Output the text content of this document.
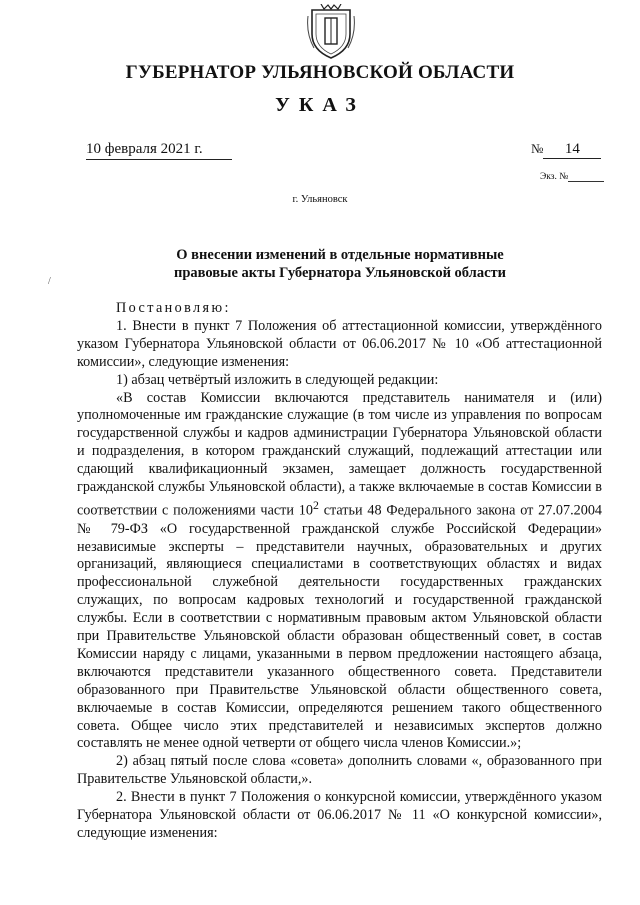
ГУБЕРНАТОР УЛЬЯНОВСКОЙ ОБЛАСТИ
УКАЗ
10 февраля 2021 г.	№ 14
Экз. №
г. Ульяновск
/
О внесении изменений в отдельные нормативные
правовые акты Губернатора Ульяновской области

Постановляю:

1. Внести в пункт 7 Положения об аттестационной комиссии, утверждённого указом Губернатора Ульяновской области от 06.06.2017 № 10 «Об аттестационной комиссии», следующие изменения:

1) абзац четвёртый изложить в следующей редакции:

«В состав Комиссии включаются представитель нанимателя и (или) уполномоченные им гражданские служащие (в том числе из управления по вопросам государственной службы и кадров администрации Губернатора Ульяновской области и подразделения, в котором гражданский служащий, подлежащий аттестации или сдающий квалификационный экзамен, замещает должность государственной гражданской службы Ульяновской области), а также включаемые в состав Комиссии в соответствии с положениями части $10^2$ статьи 48 Федерального закона от 27.07.2004 № 79-ФЗ «О государственной гражданской службе Российской Федерации» независимые эксперты – представители научных, образовательных и других организаций, являющиеся специалистами в соответствующих областях и видах профессиональной служебной деятельности государственных гражданских служащих, по вопросам кадровых технологий и государственной гражданской службы. Если в соответствии с нормативным правовым актом Ульяновской области при Правительстве Ульяновской области образован общественный совет, в состав Комиссии наряду с лицами, указанными в первом предложении настоящего абзаца, включаются представители указанного общественного совета. Представители образованного при Правительстве Ульяновской области общественного совета, включаемые в состав Комиссии, определяются решением такого общественного совета. Общее число этих представителей и независимых экспертов должно составлять не менее одной четверти от общего числа членов Комиссии.»;

2) абзац пятый после слова «совета» дополнить словами «, образованного при Правительстве Ульяновской области,».

2. Внести в пункт 7 Положения о конкурсной комиссии, утверждённого указом Губернатора Ульяновской области от 06.06.2017 № 11 «О конкурсной комиссии», следующие изменения:
